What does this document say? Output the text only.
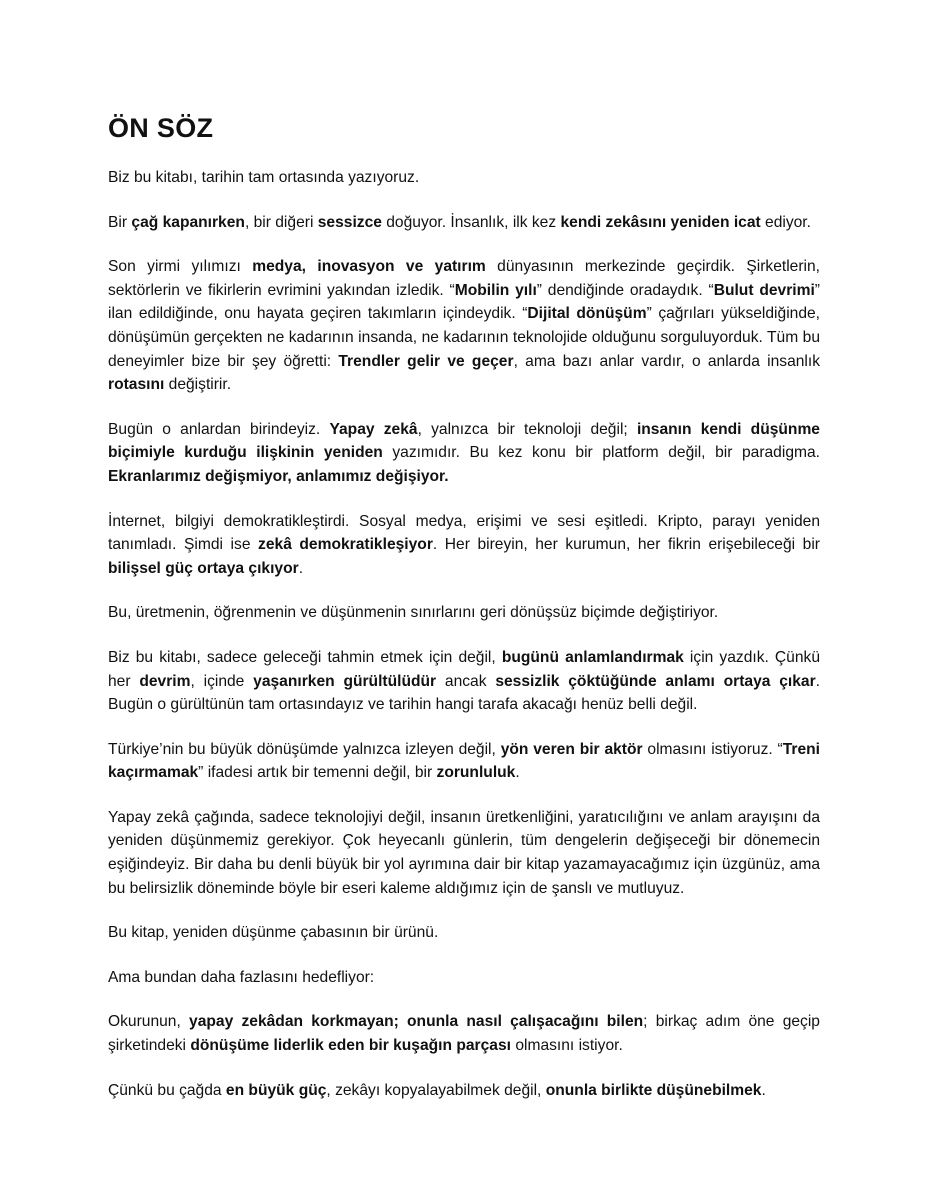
ÖN SÖZ

Biz bu kitabı, tarihin tam ortasında yazıyoruz.

Bir çağ kapanırken, bir diğeri sessizce doğuyor. İnsanlık, ilk kez kendi zekâsını yeniden icat ediyor.

Son yirmi yılımızı medya, inovasyon ve yatırım dünyasının merkezinde geçirdik. Şirketlerin, sektörlerin ve fikirlerin evrimini yakından izledik. “Mobilin yılı” dendiğinde oradaydık. “Bulut devrimi” ilan edildiğinde, onu hayata geçiren takımların içindeydik. “Dijital dönüşüm” çağrıları yükseldiğinde, dönüşümün gerçekten ne kadarının insanda, ne kadarının teknolojide olduğunu sorguluyorduk. Tüm bu deneyimler bize bir şey öğretti: Trendler gelir ve geçer, ama bazı anlar vardır, o anlarda insanlık rotasını değiştirir.

Bugün o anlardan birindeyiz. Yapay zekâ, yalnızca bir teknoloji değil; insanın kendi düşünme biçimiyle kurduğu ilişkinin yeniden yazımıdır. Bu kez konu bir platform değil, bir paradigma. Ekranlarımız değişmiyor, anlamımız değişiyor.

İnternet, bilgiyi demokratikleştirdi. Sosyal medya, erişimi ve sesi eşitledi. Kripto, parayı yeniden tanımladı. Şimdi ise zekâ demokratikleşiyor. Her bireyin, her kurumun, her fikrin erişebileceği bir bilişsel güç ortaya çıkıyor.

Bu, üretmenin, öğrenmenin ve düşünmenin sınırlarını geri dönüşsüz biçimde değiştiriyor.

Biz bu kitabı, sadece geleceği tahmin etmek için değil, bugünü anlamlandırmak için yazdık. Çünkü her devrim, içinde yaşanırken gürültülüdür ancak sessizlik çöktüğünde anlamı ortaya çıkar. Bugün o gürültünün tam ortasındayız ve tarihin hangi tarafa akacağı henüz belli değil.

Türkiye’nin bu büyük dönüşümde yalnızca izleyen değil, yön veren bir aktör olmasını istiyoruz. “Treni kaçırmamak” ifadesi artık bir temenni değil, bir zorunluluk.

Yapay zekâ çağında, sadece teknolojiyi değil, insanın üretkenliğini, yaratıcılığını ve anlam arayışını da yeniden düşünmemiz gerekiyor. Çok heyecanlı günlerin, tüm dengelerin değişeceği bir dönemecin eşiğindeyiz. Bir daha bu denli büyük bir yol ayrımına dair bir kitap yazamayacağımız için üzgünüz, ama bu belirsizlik döneminde böyle bir eseri kaleme aldığımız için de şanslı ve mutluyuz.

Bu kitap, yeniden düşünme çabasının bir ürünü.

Ama bundan daha fazlasını hedefliyor:

Okurunun, yapay zekâdan korkmayan; onunla nasıl çalışacağını bilen; birkaç adım öne geçip şirketindeki dönüşüme liderlik eden bir kuşağın parçası olmasını istiyor.

Çünkü bu çağda en büyük güç, zekâyı kopyalayabilmek değil, onunla birlikte düşünebilmek.
